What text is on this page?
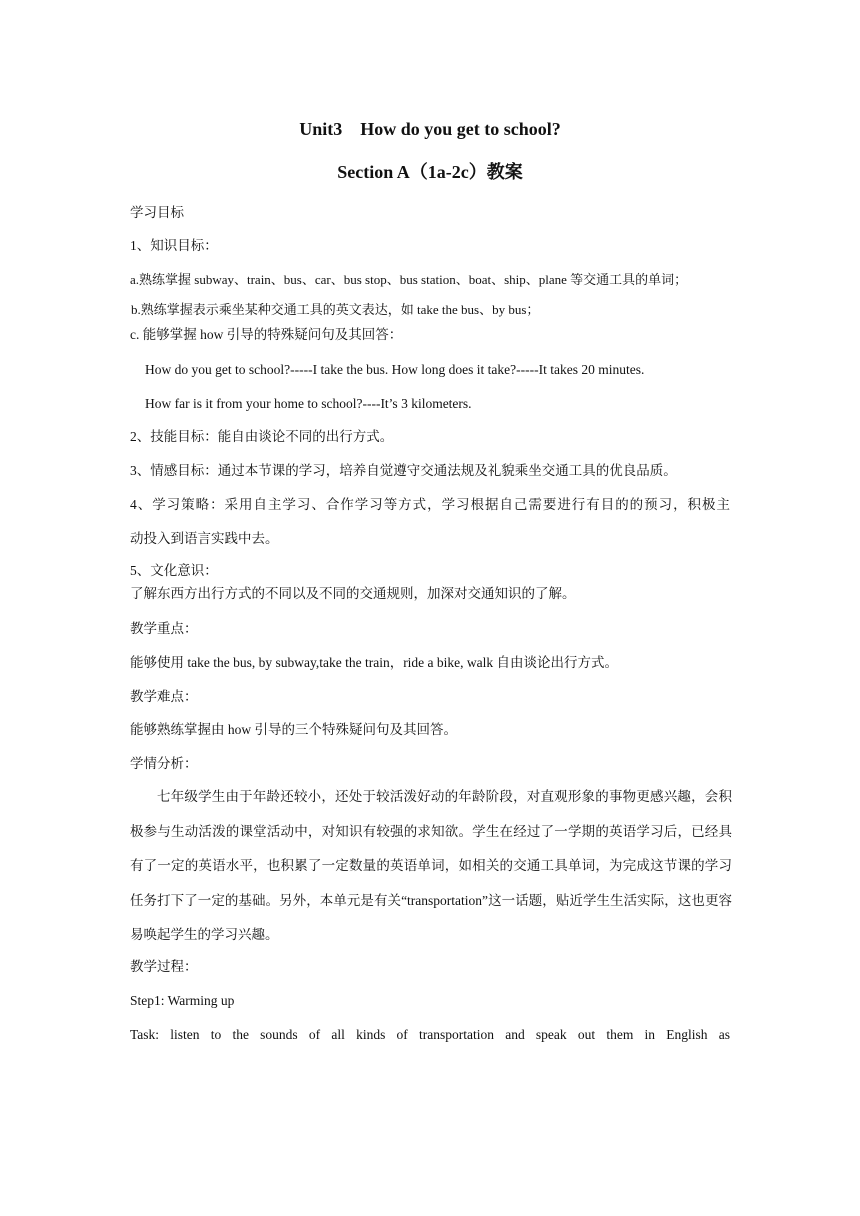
Unit3　How do you get to school?
Section A（1a-2c）教案
学习目标
1、知识目标：
a.熟练掌握 subway、train、bus、car、bus stop、bus station、boat、ship、plane 等交通工具的单词；
b.熟练掌握表示乘坐某种交通工具的英文表达，如 take the bus、by bus；
c. 能够掌握 how 引导的特殊疑问句及其回答：
How do you get to school?-----I take the bus. How long does it take?-----It takes 20 minutes.
How far is it from your home to school?----It’s 3 kilometers.
2、技能目标：能自由谈论不同的出行方式。
3、情感目标：通过本节课的学习，培养自觉遵守交通法规及礼貌乘坐交通工具的优良品质。
4、学习策略：采用自主学习、合作学习等方式，学习根据自己需要进行有目的的预习，积极主
动投入到语言实践中去。
5、文化意识：
了解东西方出行方式的不同以及不同的交通规则，加深对交通知识的了解。
教学重点：
能够使用 take the bus, by subway,take the train，ride a bike, walk 自由谈论出行方式。
教学难点：
能够熟练掌握由 how 引导的三个特殊疑问句及其回答。
学情分析：
七年级学生由于年龄还较小，还处于较活泼好动的年龄阶段，对直观形象的事物更感兴趣，会积极参与生动活泼的课堂活动中，对知识有较强的求知欲。学生在经过了一学期的英语学习后，已经具有了一定的英语水平，也积累了一定数量的英语单词，如相关的交通工具单词，为完成这节课的学习任务打下了一定的基础。另外，本单元是有关“transportation”这一话题，贴近学生生活实际，这也更容易唤起学生的学习兴趣。
教学过程：
Step1: Warming up
Task: listen to the sounds of all kinds of transportation and speak out them in English as
